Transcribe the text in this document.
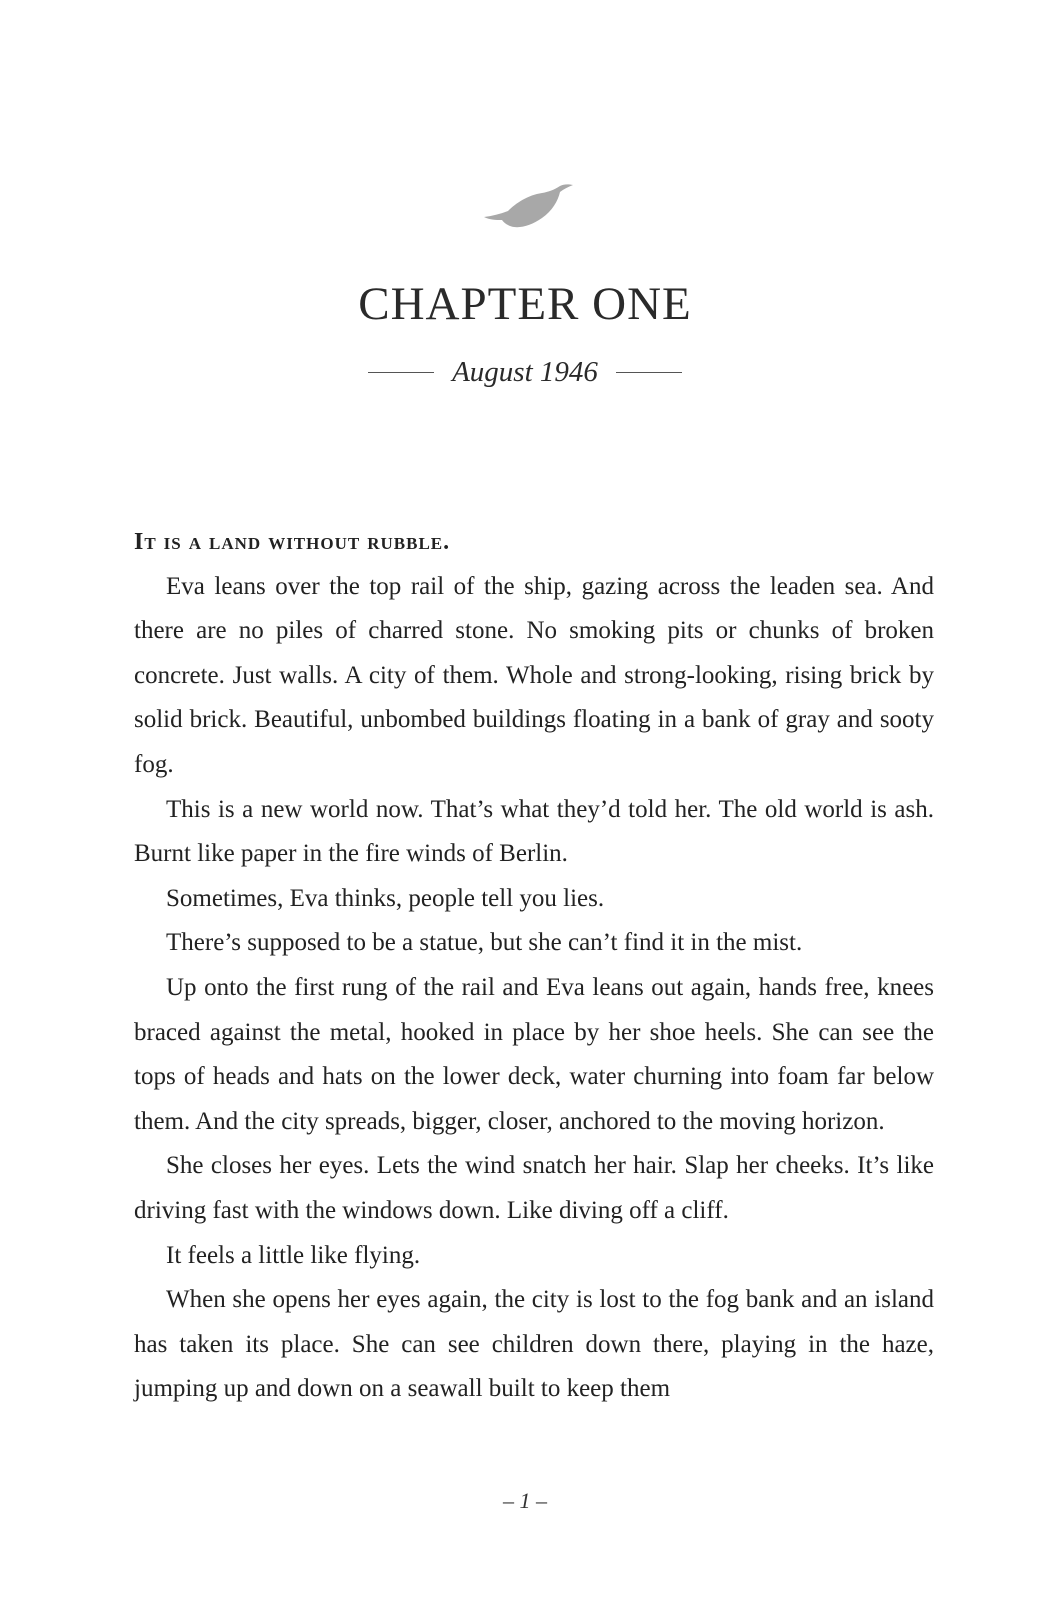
CHAPTER ONE
August 1946

It is a land without rubble.

Eva leans over the top rail of the ship, gazing across the leaden sea. And there are no piles of charred stone. No smoking pits or chunks of broken concrete. Just walls. A city of them. Whole and strong-looking, rising brick by solid brick. Beautiful, unbombed buildings floating in a bank of gray and sooty fog.

This is a new world now. That’s what they’d told her. The old world is ash. Burnt like paper in the fire winds of Berlin.

Sometimes, Eva thinks, people tell you lies.

There’s supposed to be a statue, but she can’t find it in the mist.

Up onto the first rung of the rail and Eva leans out again, hands free, knees braced against the metal, hooked in place by her shoe heels. She can see the tops of heads and hats on the lower deck, water churning into foam far below them. And the city spreads, bigger, closer, anchored to the moving horizon.

She closes her eyes. Lets the wind snatch her hair. Slap her cheeks. It’s like driving fast with the windows down. Like diving off a cliff.

It feels a little like flying.

When she opens her eyes again, the city is lost to the fog bank and an island has taken its place. She can see children down there, playing in the haze, jumping up and down on a seawall built to keep them

– 1 –
